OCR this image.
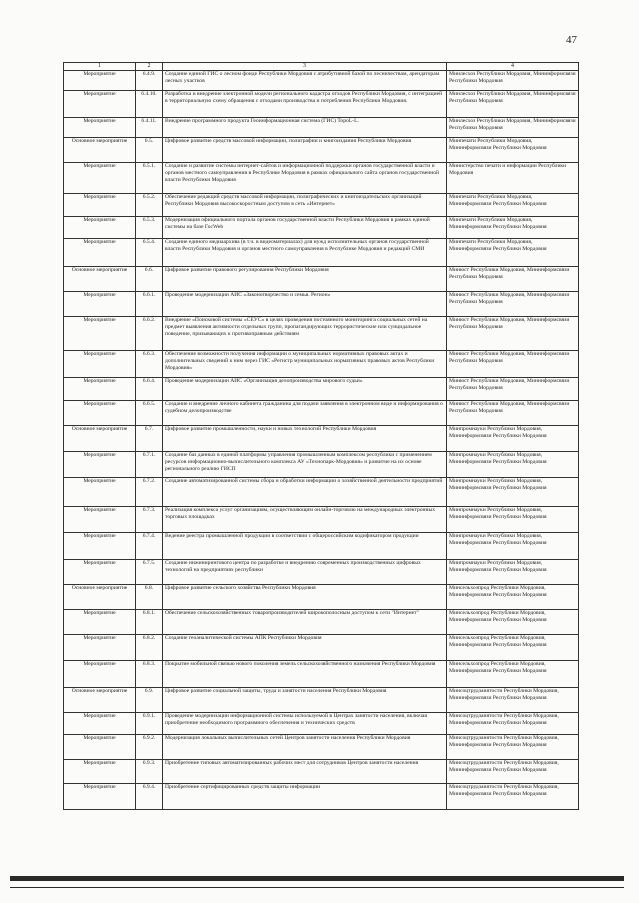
47
1	2	3	4
Мероприятие	6.4.9.	Создание единой ГИС о лесном фонде Республики Мордовия с атрибутивной базой по лесничествам, арендаторам лесных участков	Минлесхоз Республики Мордовия, Mининформсвязи Республики Мордовия
Мероприятие	6.4.10.	Разработка и внедрение электронной модели регионального кадастра отходов Республики Мордовия, с интеграцией в территориальную схему обращения с отходами производства и потребления Республики Мордовия.	Минлесхоз Республики Мордовия, Mининформсвязи Республики Мордовия
Мероприятие	6.4.11.	Внедрение программного продукта Геоинформационная система (ГИС) ТороL-L.	Минлесхоз Республики Мордовия, Mининформсвязи Республики Мордовия
Основное мероприятие	6.5.	Цифровое развитие средств массовой информации, полиграфии и книгоиздания Республики Мордовия	Минпечати Республики Мордовия, Mининформсвязи Республики Мордовия
Мероприятие	6.5.1.	Создание и развитие системы интернет-сайтов и информационной поддержки органов государственной власти и органов местного самоуправления в Республике Мордовия в рамках официального сайта органов государственной власти Республики Мордовия	Министерство печати и информации Республики Мордовия
Мероприятие	6.5.2.	Обеспечение редакций средств массовой информации, полиграфических и книгоиздательских организаций Республики Мордовия высокоскоростным доступом в сеть «Интернет»	Минпечати Республики Мордовия, Mининформсвязи Республики Мордовия
Мероприятие	6.5.3.	Модернизация официального портала органов государственной власти Республики Мордовия в рамках единой системы на базе ГосWeb	Минпечати Республики Мордовия, Mининформсвязи Республики Мордовия
Мероприятие	6.5.4.	Создание единого медиаархива (в т.ч. в видеоматериалах) для нужд исполнительных органов государственной власти Республики Мордовия и органов местного самоуправления в Республике Мордовия и редакций СМИ	Минпечати Республики Мордовия, Mининформсвязи Республики Мордовия
Основное мероприятие	6.6.	Цифровое развитие правового регулирования Республики Мордовия	Минюст Республики Мордовия, Mининформсвязи Республики Мордовия
Мероприятие	6.6.1.	Проведение модернизации АИС «Законотворчество и семья. Регион»	Минюст Республики Мордовия, Mининформсвязи Республики Мордовия
Мероприятие	6.6.2.	Внедрение «Поисковой системы «СЕУС» в целях проведения постоянного мониторинга социальных сетей на предмет выявления активности отдельных групп, пропагандирующих террористические или суицидальное поведение, призывающих к противоправным действиям	Минюст Республики Мордовия, Mининформсвязи Республики Мордовия
Мероприятие	6.6.3.	Обеспечение возможности получения информации о муниципальных нормативных правовых актах и дополнительных сведений к ним через ГИС «Регистр муниципальных нормативных правовых актов Республики Мордовия»	Минюст Республики Мордовия, Mининформсвязи Республики Мордовия
Мероприятие	6.6.4.	Проведение модернизации АИС «Организация делопроизводства мирового судьи»	Минюст Республики Мордовия, Mининформсвязи Республики Мордовия
Мероприятие	6.6.5.	Создание и внедрение личного кабинета гражданина для подачи заявления в электронном виде и информирования о судебном делопроизводстве	Минюст Республики Мордовия, Mининформсвязи Республики Мордовия
Основное мероприятие	6.7.	Цифровое развитие промышленности, науки и новых технологий Республики Мордовия	Минпромнауки Республики Мордовия, Mининформсвязи Республики Мордовия
Мероприятие	6.7.1.	Создание баз данных в единой платформы управления промышленным комплексом республики с применением ресурсов информационно-вычислительного комплекса АУ «Технопарк-Мордовия» и развитие на их основе регионального реалию ГИСП	Минпромнауки Республики Мордовия, Mининформсвязи Республики Мордовия
Мероприятие	6.7.2.	Создание автоматизированной системы сбора и обработки информации о хозяйственной деятельности предприятий	Минпромнауки Республики Мордовия, Mининформсвязи Республики Мордовия
Мероприятие	6.7.3.	Реализация комплекса услуг организациям, осуществляющим онлайн-торговлю на международных электронных торговых площадках	Минпромнауки Республики Мордовия, Mининформсвязи Республики Мордовия
Мероприятие	6.7.4.	Ведение реестра промышленной продукции в соответствии с общероссийским кодификатором продукции	Минпромнауки Республики Мордовия, Mининформсвязи Республики Мордовия
Мероприятие	6.7.5.	Создание инжинирингового центра по разработке и внедрению современных производственных цифровых технологий на предприятиях республики	Минпромнауки Республики Мордовия, Mининформсвязи Республики Мордовия
Основное мероприятие	6.8.	Цифровое развитие сельского хозяйства Республики Мордовия	Минсельхозпрод Республики Мордовия, Mининформсвязи Республики Мордовия
Мероприятие	6.8.1.	Обеспечение сельскохозяйственных товаропроизводителей широкополосным доступом к сети "Интернет"	Минсельхозпрод Республики Мордовия, Mининформсвязи Республики Мордовия
Мероприятие	6.8.2.	Создание геоаналитической системы АПК Республики Мордовия	Минсельхозпрод Республики Мордовия, Mининформсвязи Республики Мордовия
Мероприятие	6.8.3.	Покрытие мобильной связью нового поколения земель сельскохозяйственного назначения Республики Мордовия	Минсельхозпрод Республики Мордовия, Mининформсвязи Республики Мордовия
Основное мероприятие	6.9.	Цифровое развитие социальной защиты, труда и занятости населения Республики Мордовия	Минсоцтрудзанятости Республики Мордовия, Mининформсвязи Республики Мордовия
Мероприятие	6.9.1.	Проведение модернизации информационной системы используемой в Центрах занятости населения, включая приобретение необходимого программного обеспечения и технических средств	Минсоцтрудзанятости Республики Мордовия, Mининформсвязи Республики Мордовия
Мероприятие	6.9.2.	Модернизация локальных вычислительных сетей Центров занятости населения Республики Мордовия	Минсоцтрудзанятости Республики Мордовия, Mининформсвязи Республики Мордовия
Мероприятие	6.9.3.	Приобретение типовых автоматизированных рабочих мест для сотрудников Центров занятости населения	Минсоцтрудзанятости Республики Мордовия, Mининформсвязи Республики Мордовия
Мероприятие	6.9.4.	Приобретение сертифицированных средств защиты информации	Минсоцтрудзанятости Республики Мордовия, Mининформсвязи Республики Мордовия
